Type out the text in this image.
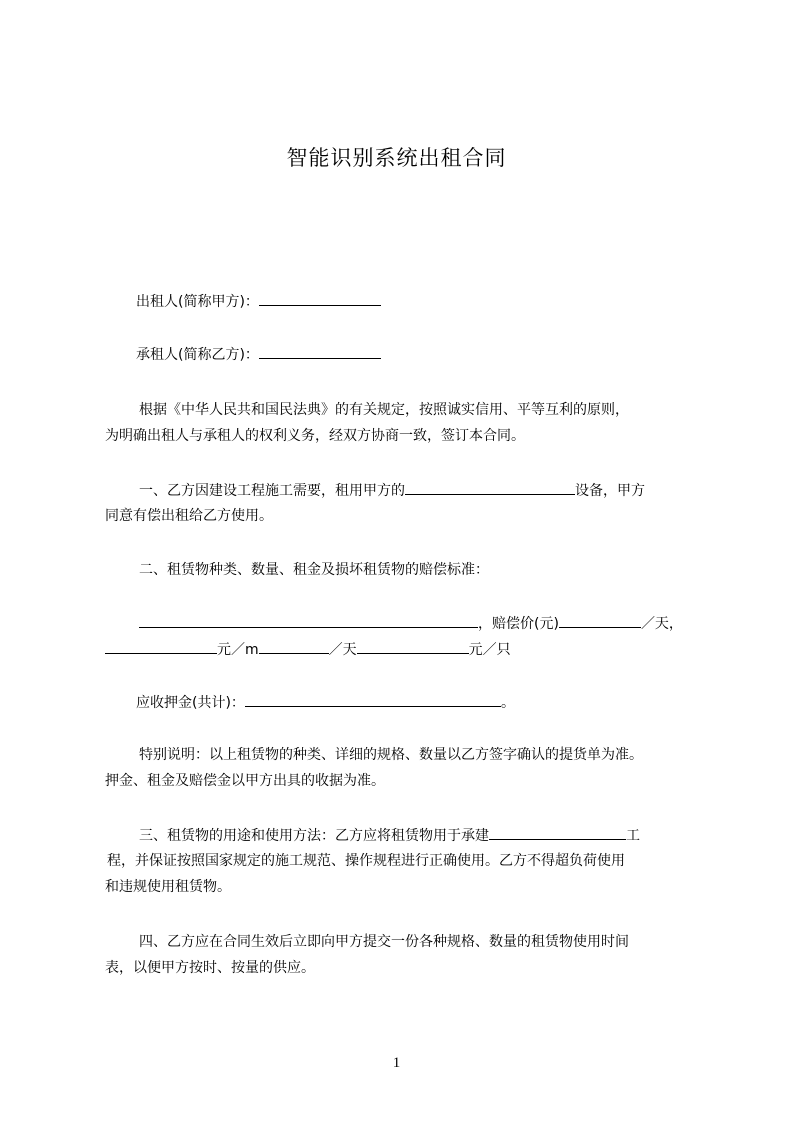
智能识别系统出租合同
出租人(简称甲方)：
承租人(简称乙方)：
根据《中华人民共和国民法典》的有关规定，按照诚实信用、平等互利的原则，
为明确出租人与承租人的权利义务，经双方协商一致，签订本合同。
一、乙方因建设工程施工需要，租用甲方的	设备，甲方
同意有偿出租给乙方使用。
二、租赁物种类、数量、租金及损坏租赁物的赔偿标准：
，赔偿价(元)	／天，
元／m	／天	元／只
应收押金(共计)：	。
特别说明：以上租赁物的种类、详细的规格、数量以乙方签字确认的提货单为准。
押金、租金及赔偿金以甲方出具的收据为准。
三、租赁物的用途和使用方法：乙方应将租赁物用于承建	工
程，并保证按照国家规定的施工规范、操作规程进行正确使用。乙方不得超负荷使用
和违规使用租赁物。
四、乙方应在合同生效后立即向甲方提交一份各种规格、数量的租赁物使用时间
表，以便甲方按时、按量的供应。
1
